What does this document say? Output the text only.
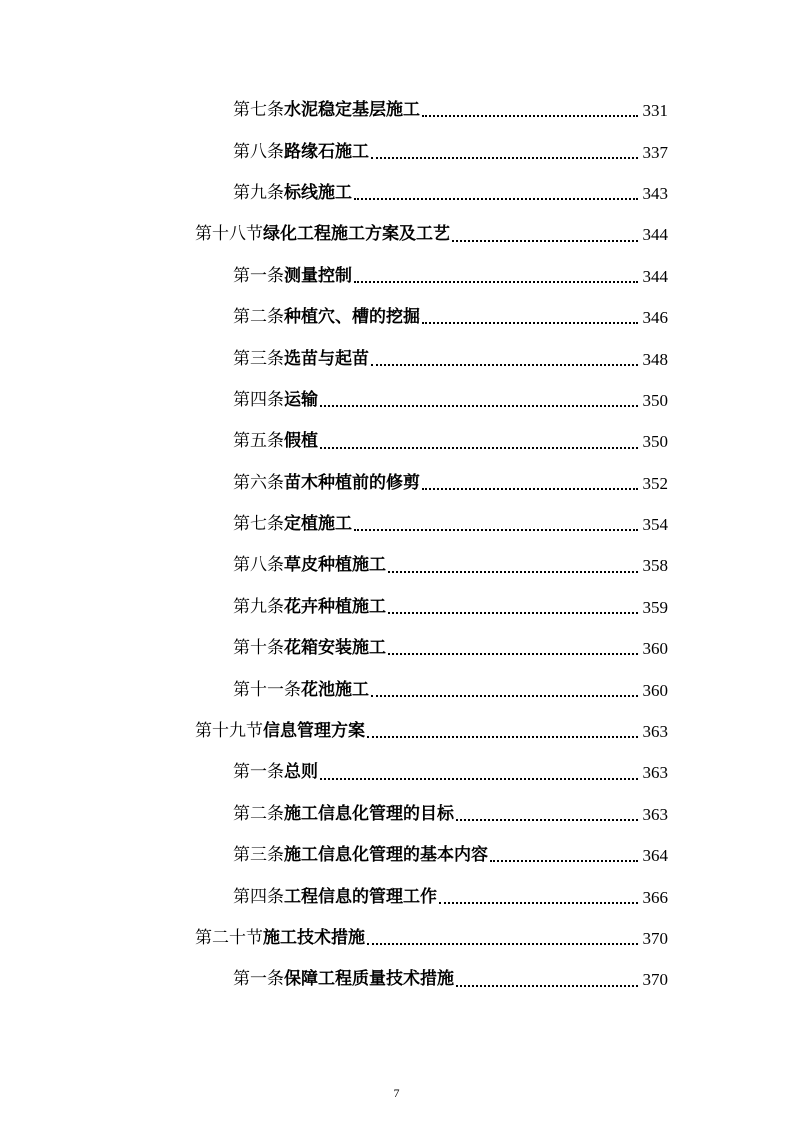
第七条 水泥稳定基层施工	331
第八条 路缘石施工	337
第九条 标线施工	343
第十八节 绿化工程施工方案及工艺	344
第一条 测量控制	344
第二条 种植穴、槽的挖掘	346
第三条 选苗与起苗	348
第四条 运输	350
第五条 假植	350
第六条 苗木种植前的修剪	352
第七条 定植施工	354
第八条 草皮种植施工	358
第九条 花卉种植施工	359
第十条 花箱安装施工	360
第十一条 花池施工	360
第十九节 信息管理方案	363
第一条 总则	363
第二条 施工信息化管理的目标	363
第三条 施工信息化管理的基本内容	364
第四条 工程信息的管理工作	366
第二十节 施工技术措施	370
第一条 保障工程质量技术措施	370
7
